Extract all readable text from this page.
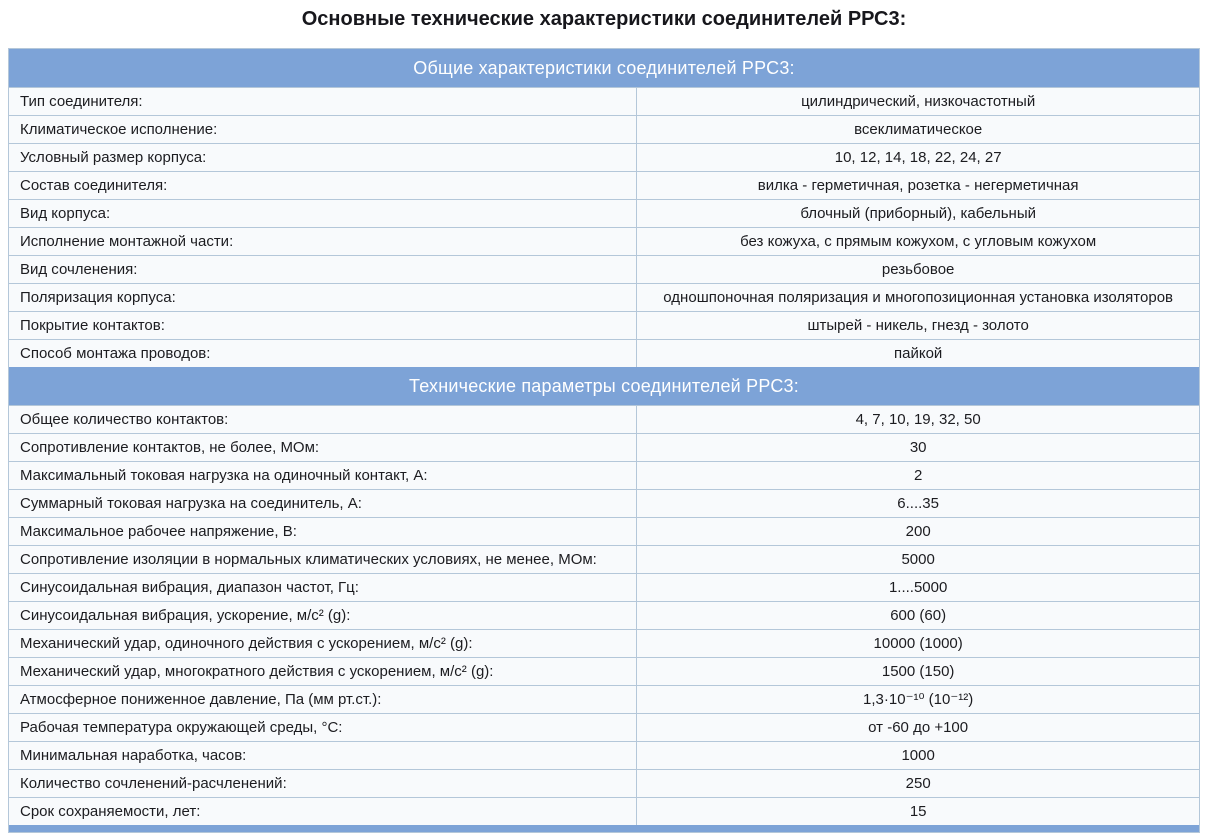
Основные технические характеристики соединителей РРС3:
Общие характеристики соединителей РРС3:
Тип соединителя:	цилиндрический, низкочастотный
Климатическое исполнение:	всеклиматическое
Условный размер корпуса:	10, 12, 14, 18, 22, 24, 27
Состав соединителя:	вилка - герметичная, розетка - негерметичная
Вид корпуса:	блочный (приборный), кабельный
Исполнение монтажной части:	без кожуха, с прямым кожухом, с угловым кожухом
Вид сочленения:	резьбовое
Поляризация корпуса:	одношпоночная поляризация и многопозиционная установка изоляторов
Покрытие контактов:	штырей - никель, гнезд - золото
Способ монтажа проводов:	пайкой
Технические параметры соединителей РРС3:
Общее количество контактов:	4, 7, 10, 19, 32, 50
Сопротивление контактов, не более, МОм:	30
Максимальный токовая нагрузка на одиночный контакт, А:	2
Суммарный токовая нагрузка на соединитель, А:	6....35
Максимальное рабочее напряжение, В:	200
Сопротивление изоляции в нормальных климатических условиях, не менее, МОм:	5000
Синусоидальная вибрация, диапазон частот, Гц:	1....5000
Синусоидальная вибрация, ускорение, м/с² (g):	600 (60)
Механический удар, одиночного действия с ускорением, м/с² (g):	10000 (1000)
Механический удар, многократного действия с ускорением, м/с² (g):	1500 (150)
Атмосферное пониженное давление, Па (мм рт.ст.):	1,3·10⁻¹⁰ (10⁻¹²)
Рабочая температура окружающей среды, °С:	от -60 до +100
Минимальная наработка, часов:	1000
Количество сочленений-расчленений:	250
Срок сохраняемости, лет:	15
